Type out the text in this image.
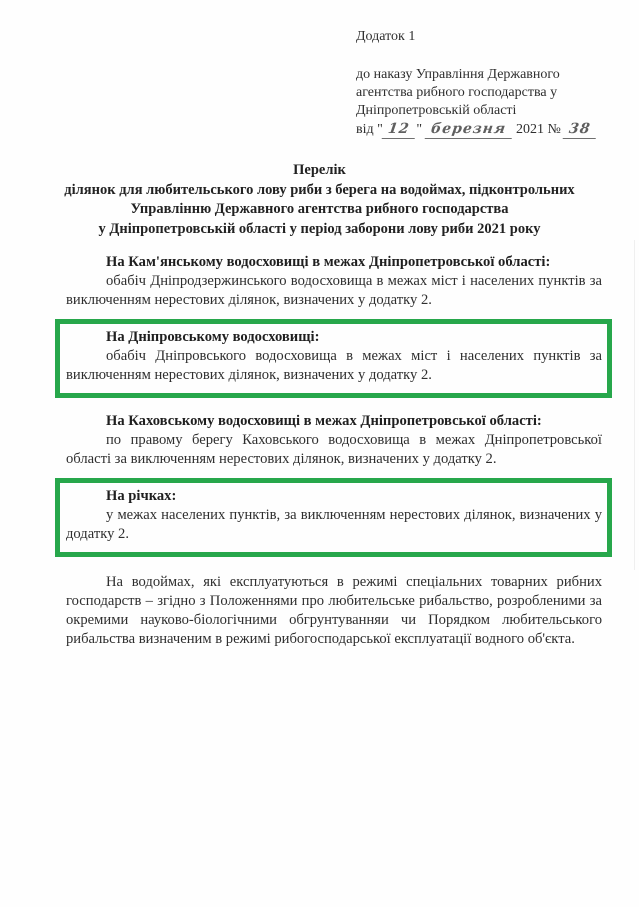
Додаток 1

до наказу Управління Державного

агентства рибного господарства у

Дніпропетровській області

від " 12 " березня 2021 № 38

Перелік

ділянок для любительського лову риби з берега на водоймах, підконтрольних

Управлінню Державного агентства рибного господарства

у Дніпропетровській області у період заборони лову риби 2021 року

На Кам'янському водосховищі в межах Дніпропетровської області:

обабіч Дніпродзержинського водосховища в межах міст і населених пунктів за виключенням нерестових ділянок, визначених у додатку 2.

На Дніпровському водосховищі:

обабіч Дніпровського водосховища в межах міст і населених пунктів за виключенням нерестових ділянок, визначених у додатку 2.

На Каховському водосховищі в межах Дніпропетровської області:

по правому берегу Каховського водосховища в межах Дніпропетровської області за виключенням нерестових ділянок, визначених у додатку 2.

На річках:

у межах населених пунктів, за виключенням нерестових ділянок, визначених у додатку 2.

На водоймах, які експлуатуються в режимі спеціальних товарних рибних господарств – згідно з Положеннями про любительське рибальство, розробленими за окремими науково-біологічними обгрунтуванняи чи Порядком любительського рибальства визначеним в режимі рибогосподарської експлуатації водного об'єкта.
